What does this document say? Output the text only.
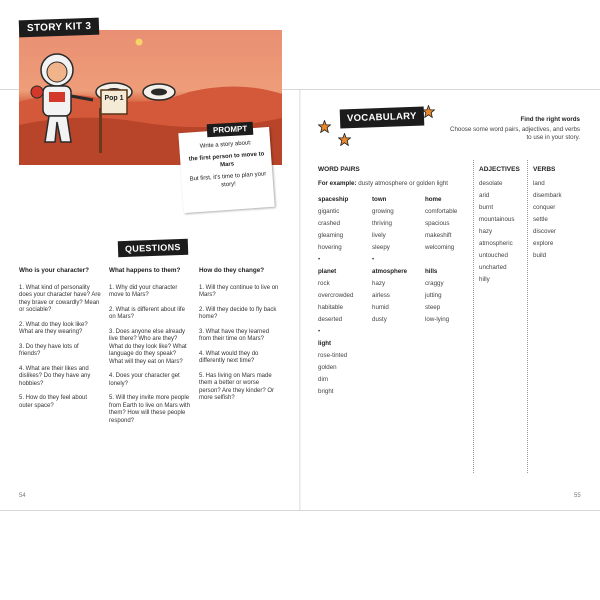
Pop 1
STORY KIT 3
PROMPT

Write a story about:

the first person to move to Mars

But first, it's time to plan your story!

QUESTIONS
Who is your character?

1. What kind of personality does your character have? Are they brave or cowardly? Mean or sociable?

2. What do they look like? What are they wearing?

3. Do they have lots of friends?

4. What are their likes and dislikes? Do they have any hobbies?

5. How do they feel about outer space?

What happens to them?

1. Why did your character move to Mars?

2. What is different about life on Mars?

3. Does anyone else already live there? Who are they? What do they look like? What language do they speak? What will they eat on Mars?

4. Does your character get lonely?

5. Will they invite more people from Earth to live on Mars with them? How will these people respond?

How do they change?

1. Will they continue to live on Mars?

2. Will they decide to fly back home?

3. What have they learned from their time on Mars?

4. What would they do differently next time?

5. Has living on Mars made them a better or worse person? Are they kinder? Or more selfish?

54
VOCABULARY	Find the right words
Choose some word pairs, adjectives, and verbs to use in your story.
WORD PAIRS
For example: dusty atmosphere or golden light
spaceship
gigantic
crashed
gleaming
hovering
•
planet
rock
overcrowded
habitable
deserted
•
light
rose-tinted
golden
dim
bright
town
growing
thriving
lively
sleepy
•
atmosphere
hazy
airless
humid
dusty
home
comfortable
spacious
makeshift
welcoming
hills
craggy
jutting
steep
low-lying
ADJECTIVES
desolate
arid
burnt
mountainous
hazy
atmospheric
untouched
uncharted
hilly
VERBS
land
disembark
conquer
settle
discover
explore
build
55
